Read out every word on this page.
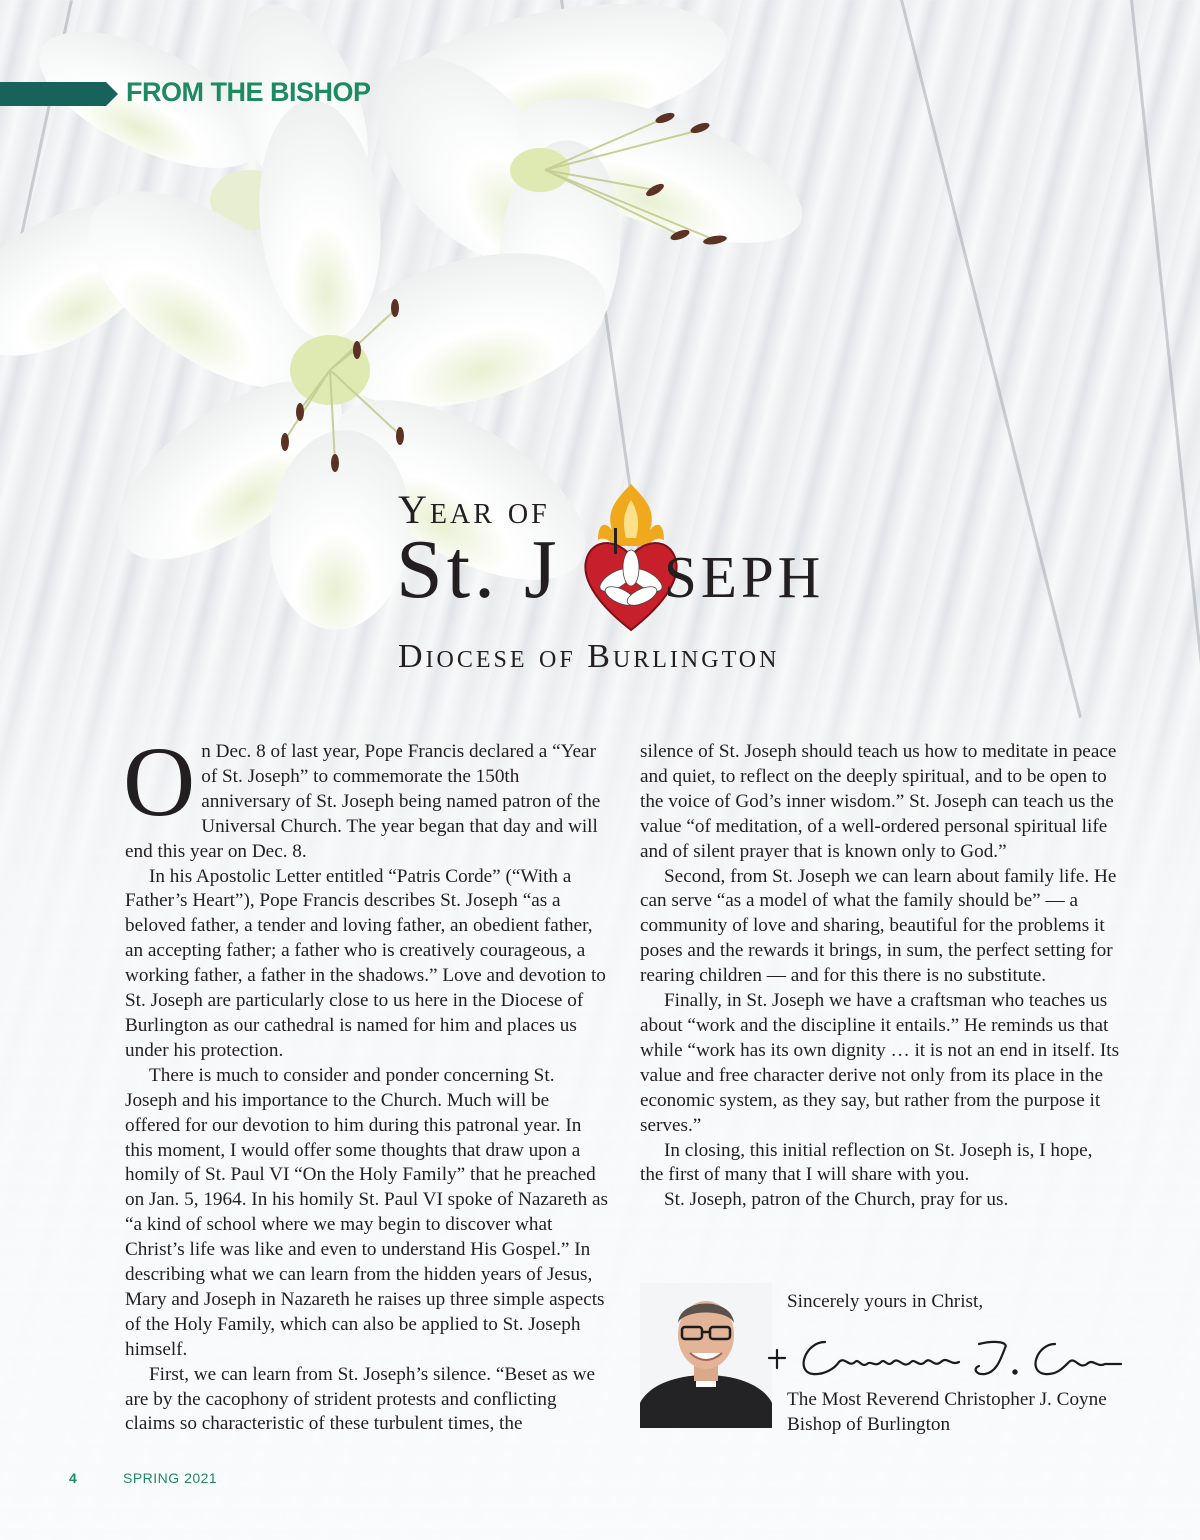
FROM THE BISHOP
Year of
St. J seph
Diocese of Burlington

On Dec. 8 of last year, Pope Francis declared a “Year of St. Joseph” to commemorate the 150th anniversary of St. Joseph being named patron of the Universal Church. The year began that day and will end this year on Dec. 8.

In his Apostolic Letter entitled “Patris Corde” (“With a Father’s Heart”), Pope Francis describes St. Joseph “as a beloved father, a tender and loving father, an obedient father, an accepting father; a father who is creatively courageous, a working father, a father in the shadows.” Love and devotion to St. Joseph are particularly close to us here in the Diocese of Burlington as our cathedral is named for him and places us under his protection.

There is much to consider and ponder concerning St. Joseph and his importance to the Church. Much will be offered for our devotion to him during this patronal year. In this moment, I would offer some thoughts that draw upon a homily of St. Paul VI “On the Holy Family” that he preached on Jan. 5, 1964. In his homily St. Paul VI spoke of Nazareth as “a kind of school where we may begin to discover what Christ’s life was like and even to understand His Gospel.” In describing what we can learn from the hidden years of Jesus, Mary and Joseph in Nazareth he raises up three simple aspects of the Holy Family, which can also be applied to St. Joseph himself.

First, we can learn from St. Joseph’s silence. “Beset as we are by the cacophony of strident protests and conflicting claims so characteristic of these turbulent times, the

silence of St. Joseph should teach us how to meditate in peace and quiet, to reflect on the deeply spiritual, and to be open to the voice of God’s inner wisdom.” St. Joseph can teach us the value “of meditation, of a well-ordered personal spiritual life and of silent prayer that is known only to God.”

Second, from St. Joseph we can learn about family life. He can serve “as a model of what the family should be” — a community of love and sharing, beautiful for the problems it poses and the rewards it brings, in sum, the perfect setting for rearing children — and for this there is no substitute.

Finally, in St. Joseph we have a craftsman who teaches us about “work and the discipline it entails.” He reminds us that while “work has its own dignity … it is not an end in itself. Its value and free character derive not only from its place in the economic system, as they say, but rather from the purpose it serves.”

In closing, this initial reflection on St. Joseph is, I hope, the first of many that I will share with you.

St. Joseph, patron of the Church, pray for us.

Sincerely yours in Christ,
The Most Reverend Christopher J. Coyne
Bishop of Burlington
4	SPRING 2021
